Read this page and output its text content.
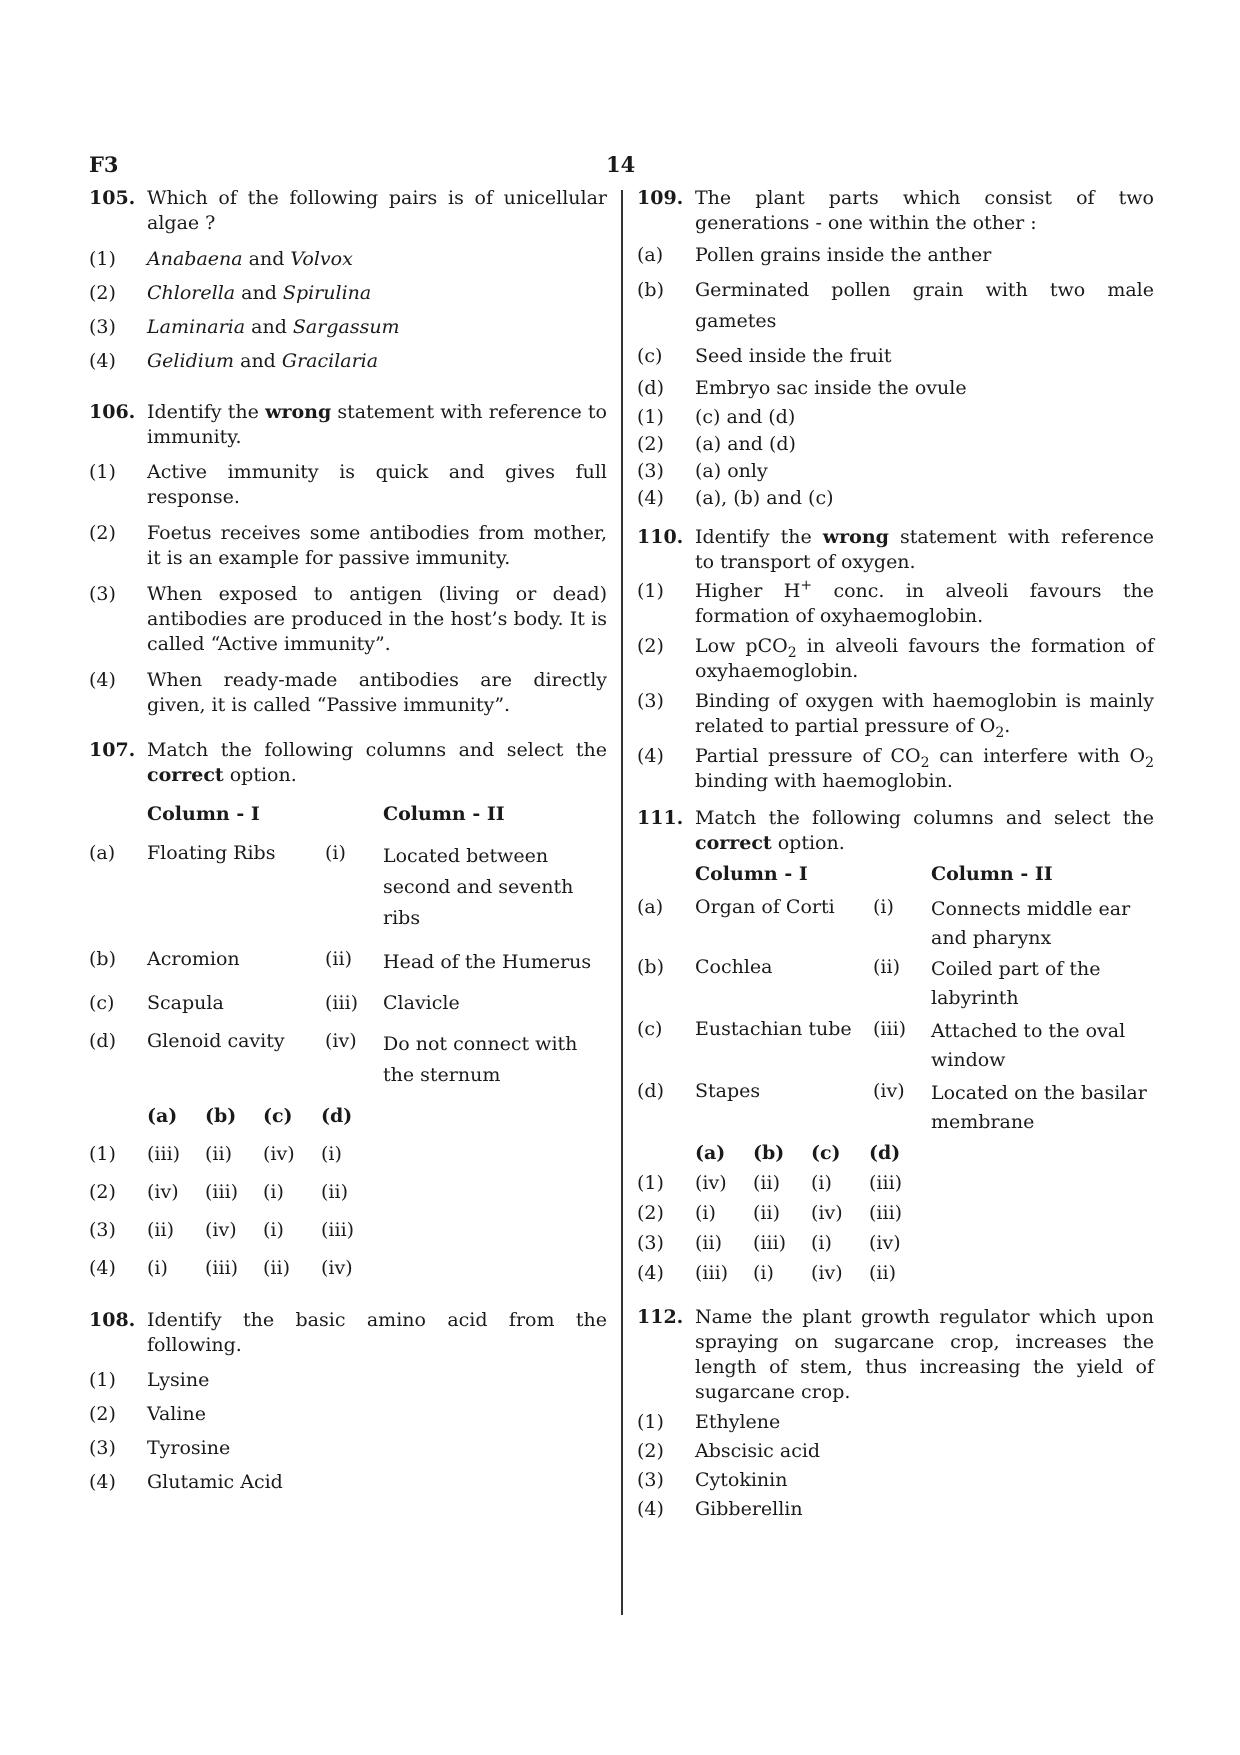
F3	14
105. Which of the following pairs is of unicellular algae ?

(1) Anabaena and Volvox
(2) Chlorella and Spirulina
(3) Laminaria and Sargassum
(4) Gelidium and Gracilaria
106. Identify the wrong statement with reference to immunity.

(1) Active immunity is quick and gives full response.
(2) Foetus receives some antibodies from mother, it is an example for passive immunity.
(3) When exposed to antigen (living or dead) antibodies are produced in the host’s body. It is called “Active immunity”.
(4) When ready-made antibodies are directly given, it is called “Passive immunity”.
107. Match the following columns and select the correct option.

	Column - I		Column - II
(a)	Floating Ribs	(i)	Located between second and seventh ribs
(b)	Acromion	(ii)	Head of the Humerus
(c)	Scapula	(iii)	Clavicle
(d)	Glenoid cavity	(iv)	Do not connect with the sternum
	(a)	(b)	(c)	(d)
(1)	(iii)	(ii)	(iv)	(i)
(2)	(iv)	(iii)	(i)	(ii)
(3)	(ii)	(iv)	(i)	(iii)
(4)	(i)	(iii)	(ii)	(iv)
108. Identify the basic amino acid from the following.

(1) Lysine
(2) Valine
(3) Tyrosine
(4) Glutamic Acid
109. The plant parts which consist of two generations - one within the other :

(a) Pollen grains inside the anther
(b) Germinated pollen grain with two male gametes
(c) Seed inside the fruit
(d) Embryo sac inside the ovule
(1) (c) and (d)
(2) (a) and (d)
(3) (a) only
(4) (a), (b) and (c)
110. Identify the wrong statement with reference to transport of oxygen.

(1) Higher H+ conc. in alveoli favours the formation of oxyhaemoglobin.
(2) Low pCO$_2$ in alveoli favours the formation of oxyhaemoglobin.
(3) Binding of oxygen with haemoglobin is mainly related to partial pressure of $O_2$.
(4) Partial pressure of $CO_2$ can interfere with $O_2$ binding with haemoglobin.
111. Match the following columns and select the correct option.

	Column - I		Column - II
(a)	Organ of Corti	(i)	Connects middle ear and pharynx
(b)	Cochlea	(ii)	Coiled part of the labyrinth
(c)	Eustachian tube	(iii)	Attached to the oval window
(d)	Stapes	(iv)	Located on the basilar membrane
	(a)	(b)	(c)	(d)
(1)	(iv)	(ii)	(i)	(iii)
(2)	(i)	(ii)	(iv)	(iii)
(3)	(ii)	(iii)	(i)	(iv)
(4)	(iii)	(i)	(iv)	(ii)
112. Name the plant growth regulator which upon spraying on sugarcane crop, increases the length of stem, thus increasing the yield of sugarcane crop.

(1) Ethylene
(2) Abscisic acid
(3) Cytokinin
(4) Gibberellin
